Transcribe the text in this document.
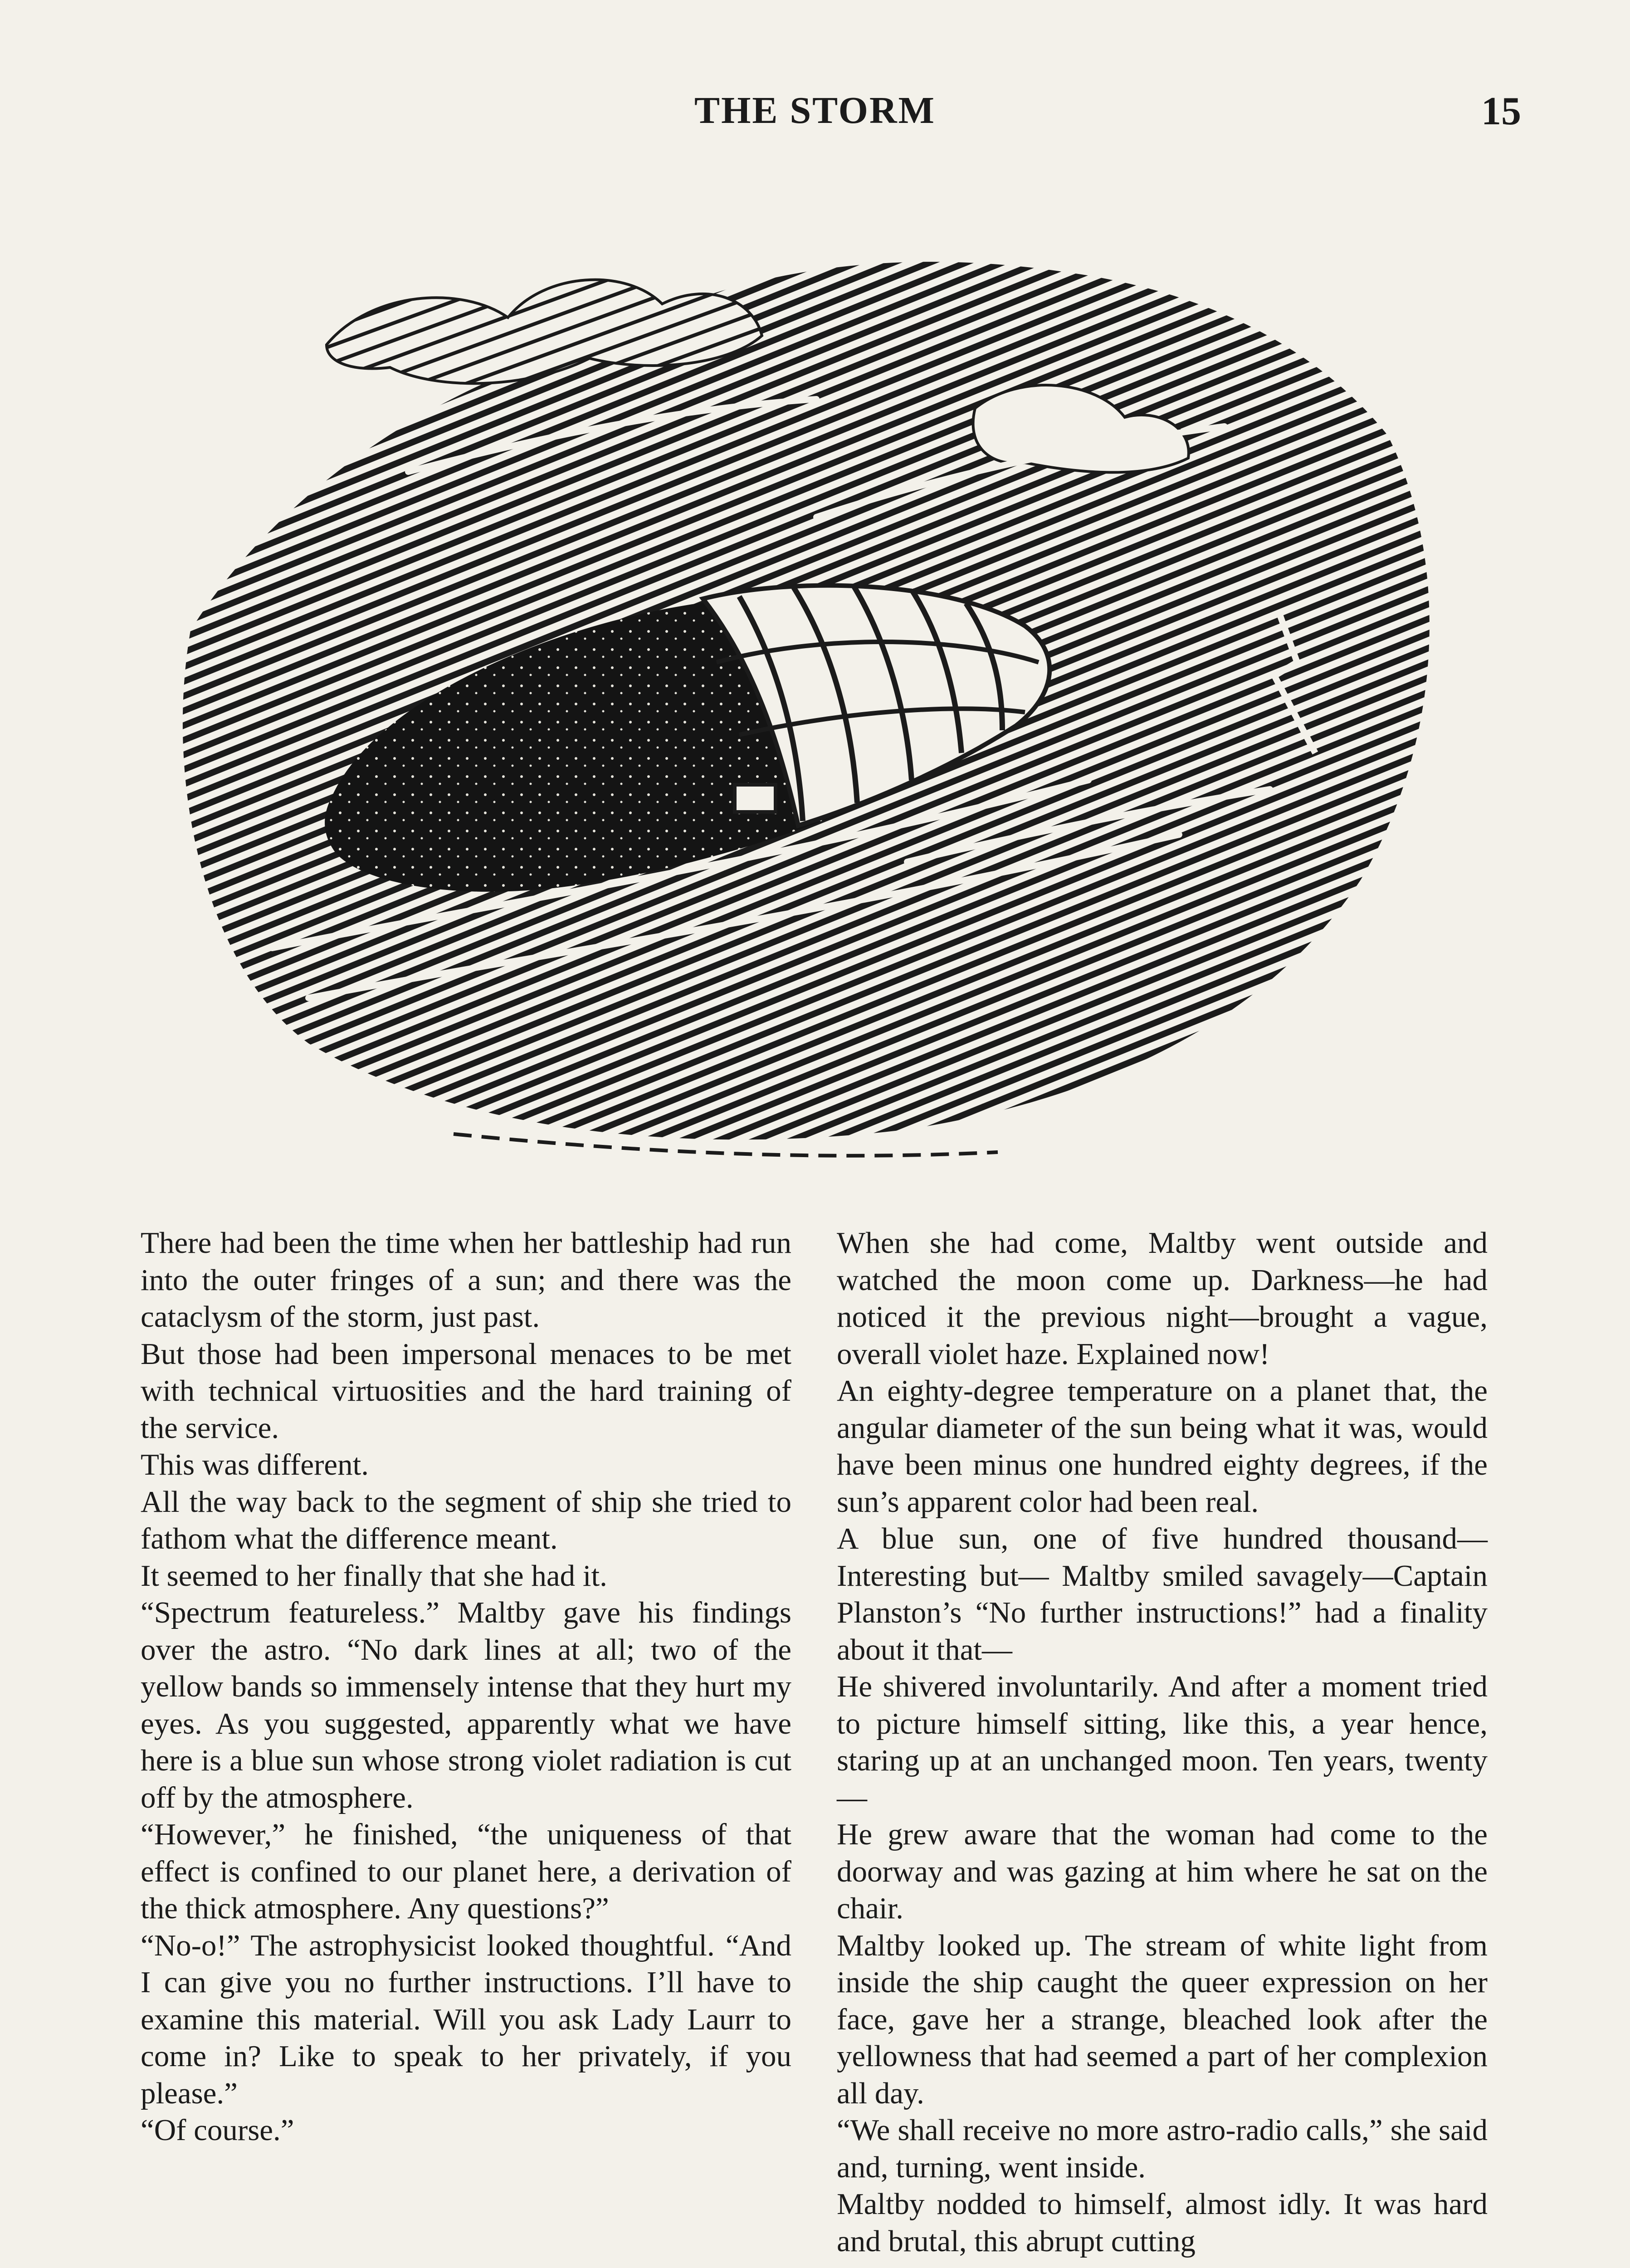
THE STORM	15

There had been the time when her battleship had run into the outer fringes of a sun; and there was the cataclysm of the storm, just past.

But those had been impersonal menaces to be met with technical virtuosities and the hard training of the service.

This was different.

All the way back to the segment of ship she tried to fathom what the difference meant.

It seemed to her finally that she had it.

“Spectrum featureless.” Maltby gave his findings over the astro. “No dark lines at all; two of the yellow bands so immensely intense that they hurt my eyes. As you suggested, apparently what we have here is a blue sun whose strong violet radiation is cut off by the atmosphere.

“However,” he finished, “the uniqueness of that effect is confined to our planet here, a derivation of the thick atmosphere. Any questions?”

“No-o!” The astrophysicist looked thoughtful. “And I can give you no further instructions. I’ll have to examine this material. Will you ask Lady Laurr to come in? Like to speak to her privately, if you please.”

“Of course.”

When she had come, Maltby went outside and watched the moon come up. Darkness—he had noticed it the previous night—brought a vague, overall violet haze. Explained now!

An eighty-degree temperature on a planet that, the angular diameter of the sun being what it was, would have been minus one hundred eighty degrees, if the sun’s apparent color had been real.

A blue sun, one of five hundred thousand— Interesting but— Maltby smiled savagely—Captain Planston’s “No further instructions!” had a finality about it that—

He shivered involuntarily. And after a moment tried to picture himself sitting, like this, a year hence, staring up at an unchanged moon. Ten years, twenty—

He grew aware that the woman had come to the doorway and was gazing at him where he sat on the chair.

Maltby looked up. The stream of white light from inside the ship caught the queer expression on her face, gave her a strange, bleached look after the yellowness that had seemed a part of her complexion all day.

“We shall receive no more astro-radio calls,” she said and, turning, went inside.

Maltby nodded to himself, almost idly. It was hard and brutal, this abrupt cutting
